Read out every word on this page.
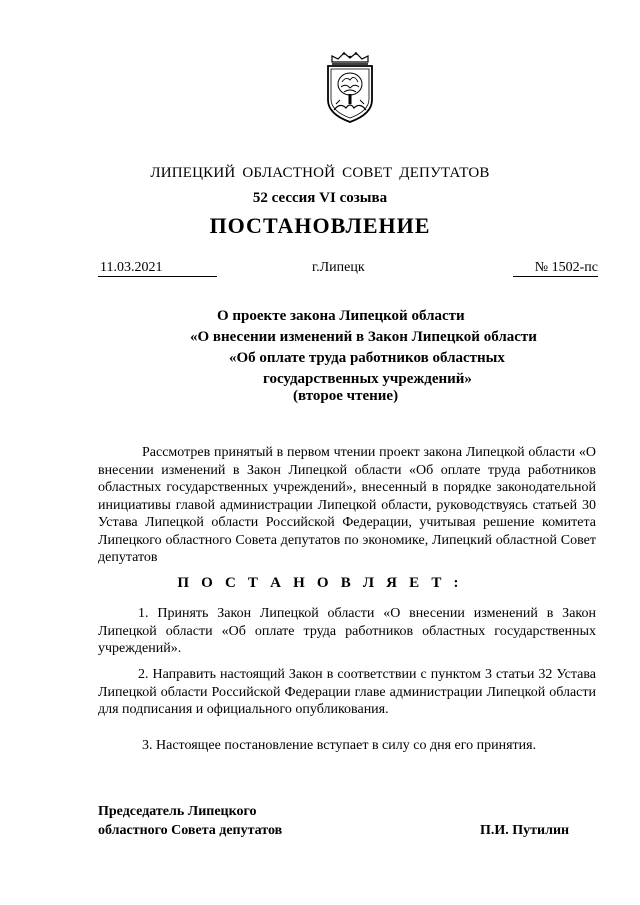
ЛИПЕЦКИЙ ОБЛАСТНОЙ СОВЕТ ДЕПУТАТОВ
52 сессия VI созыва
ПОСТАНОВЛЕНИЕ
11.03.2021	г.Липецк	№ 1502-пс
О проекте закона Липецкой области
«О внесении изменений в Закон Липецкой области
«Об оплате труда работников областных
государственных учреждений»
(второе чтение)
Рассмотрев принятый в первом чтении проект закона Липецкой области «О внесении изменений в Закон Липецкой области «Об оплате труда работников областных государственных учреждений», внесенный в порядке законодательной инициативы главой администрации Липецкой области, руководствуясь статьей 30 Устава Липецкой области Российской Федерации, учитывая решение комитета Липецкого областного Совета депутатов по экономике, Липецкий областной Совет депутатов
П О С Т А Н О В Л Я Е Т :
1. Принять Закон Липецкой области «О внесении изменений в Закон Липецкой области «Об оплате труда работников областных государственных учреждений».
2. Направить настоящий Закон в соответствии с пунктом 3 статьи 32 Устава Липецкой области Российской Федерации главе администрации Липецкой области для подписания и официального опубликования.
3. Настоящее постановление вступает в силу со дня его принятия.
Председатель Липецкого
областного Совета депутатов	П.И. Путилин
